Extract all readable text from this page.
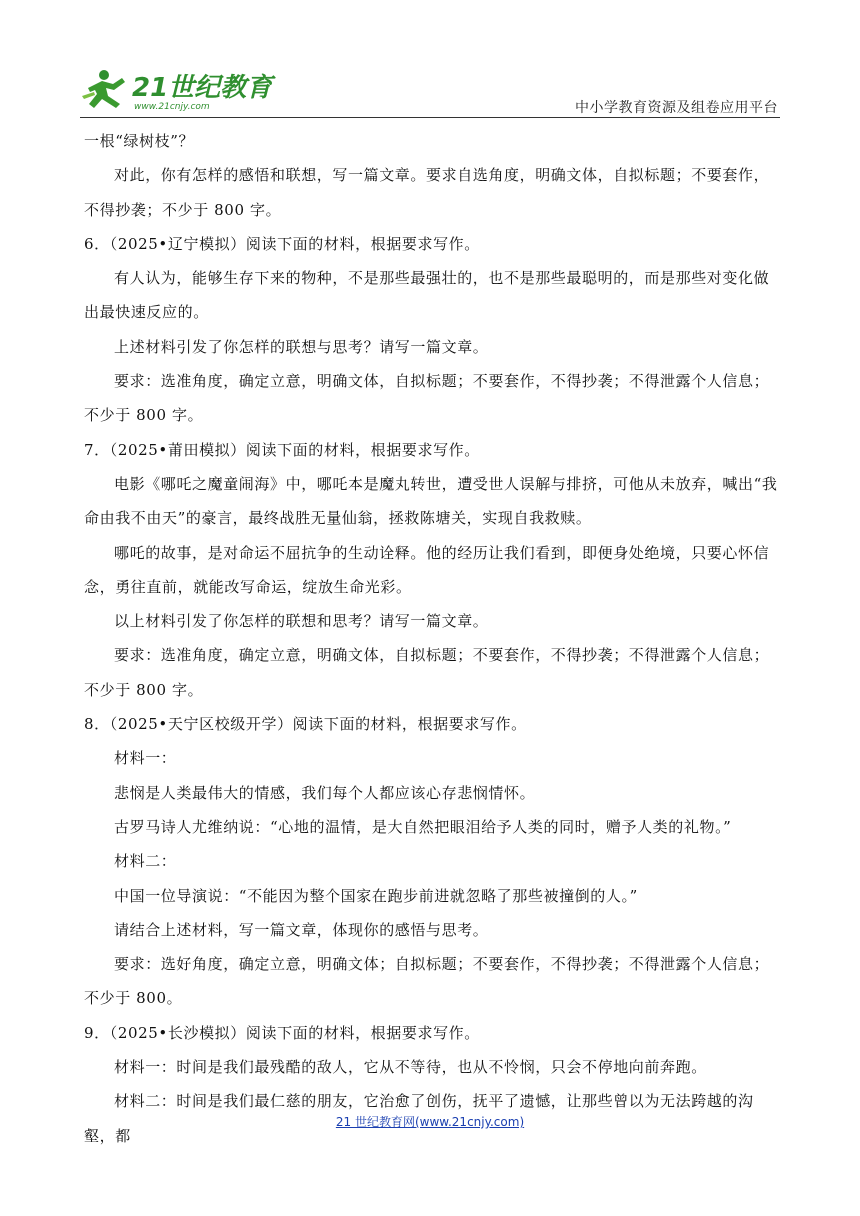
21世纪教育
www.21cnjy.com	中小学教育资源及组卷应用平台

一根“绿树枝”？

对此，你有怎样的感悟和联想，写一篇文章。要求自选角度，明确文体，自拟标题；不要套作，不得抄袭；不少于 800 字。

6．（2025•辽宁模拟）阅读下面的材料，根据要求写作。

有人认为，能够生存下来的物种，不是那些最强壮的，也不是那些最聪明的，而是那些对变化做出最快速反应的。

上述材料引发了你怎样的联想与思考？请写一篇文章。

要求：选准角度，确定立意，明确文体，自拟标题；不要套作，不得抄袭；不得泄露个人信息；不少于 800 字。

7．（2025•莆田模拟）阅读下面的材料，根据要求写作。

电影《哪吒之魔童闹海》中，哪吒本是魔丸转世，遭受世人误解与排挤，可他从未放弃，喊出“我命由我不由天”的豪言，最终战胜无量仙翁，拯救陈塘关，实现自我救赎。

哪吒的故事，是对命运不屈抗争的生动诠释。他的经历让我们看到，即便身处绝境，只要心怀信念，勇往直前，就能改写命运，绽放生命光彩。

以上材料引发了你怎样的联想和思考？请写一篇文章。

要求：选准角度，确定立意，明确文体，自拟标题；不要套作，不得抄袭；不得泄露个人信息；不少于 800 字。

8．（2025•天宁区校级开学）阅读下面的材料，根据要求写作。

材料一：

悲悯是人类最伟大的情感，我们每个人都应该心存悲悯情怀。

古罗马诗人尤维纳说：“心地的温情，是大自然把眼泪给予人类的同时，赠予人类的礼物。”

材料二：

中国一位导演说：“不能因为整个国家在跑步前进就忽略了那些被撞倒的人。”

请结合上述材料，写一篇文章，体现你的感悟与思考。

要求：选好角度，确定立意，明确文体；自拟标题；不要套作，不得抄袭；不得泄露个人信息；不少于 800。

9．（2025•长沙模拟）阅读下面的材料，根据要求写作。

材料一：时间是我们最残酷的敌人，它从不等待，也从不怜悯，只会不停地向前奔跑。

材料二：时间是我们最仁慈的朋友，它治愈了创伤，抚平了遗憾，让那些曾以为无法跨越的沟壑，都

21 世纪教育网(www.21cnjy.com)
